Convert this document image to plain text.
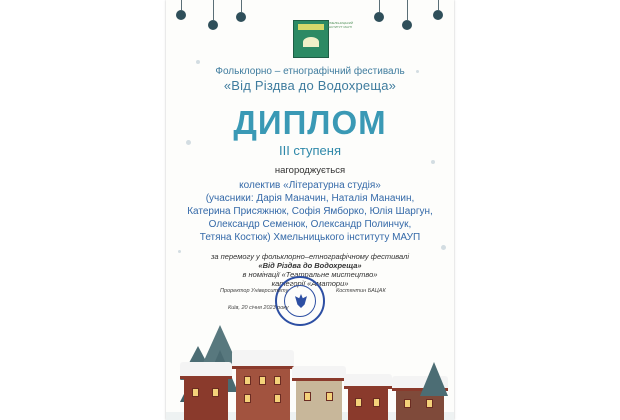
ХМЕЛЬНИЦЬКИЙ ІНСТИТУТ МАУП
Фольклорно – етнографічний фестиваль
«Від Різдва до Водохреща»
ДИПЛОМ
ІІІ ступеня
нагороджується
колектив «Літературна студія»
(учасники: Дарія Маначин, Наталія Маначин,
Катерина Присяжнюк, Софія Ямборко, Юлія Шаргун,
Олександр Семенюк, Олександр Полинчук,
Тетяна Костюк) Хмельницького інституту МАУП
за перемогу у фольклорно–етнографічному фестивалі
«Від Різдва до Водохреща»
в номінації «Театральне мистецтво»
категорії «Аматори»
Проректор Університету	Костянтин БАЦАК
Київ, 20 січня 2023 року
